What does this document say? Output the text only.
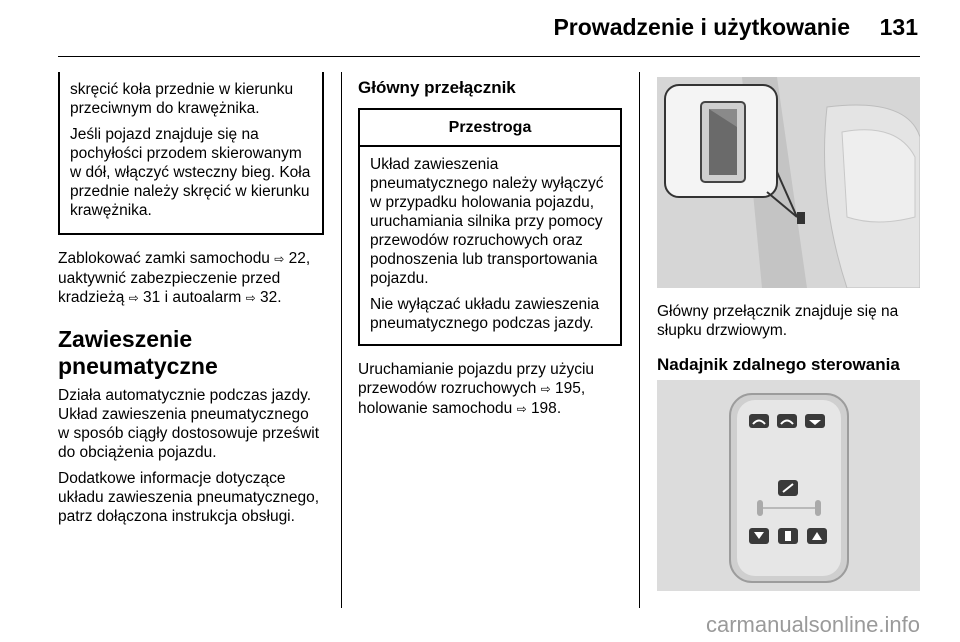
Prowadzenie i użytkowanie 131

skręcić koła przednie w kierunku przeciwnym do krawężnika.

Jeśli pojazd znajduje się na pochyłości przodem skierowanym w dół, włączyć wsteczny bieg. Koła przednie należy skręcić w kierunku krawężnika.

Zablokować zamki samochodu ⇨ 22, uaktywnić zabezpieczenie przed kradzieżą ⇨ 31 i autoalarm ⇨ 32.

Zawieszenie pneumatyczne

Działa automatycznie podczas jazdy. Układ zawieszenia pneumatycznego w sposób ciągły dostosowuje prześwit do obciążenia pojazdu.

Dodatkowe informacje dotyczące układu zawieszenia pneumatycznego, patrz dołączona instrukcja obsługi.

Główny przełącznik
Przestroga

Układ zawieszenia pneumatycznego należy wyłączyć w przypadku holowania pojazdu, uruchamiania silnika przy pomocy przewodów rozruchowych oraz podnoszenia lub transportowania pojazdu.

Nie wyłączać układu zawieszenia pneumatycznego podczas jazdy.

Uruchamianie pojazdu przy użyciu przewodów rozruchowych ⇨ 195, holowanie samochodu ⇨ 198.

Główny przełącznik znajduje się na słupku drzwiowym.

Nadajnik zdalnego sterowania
carmanualsonline.info
